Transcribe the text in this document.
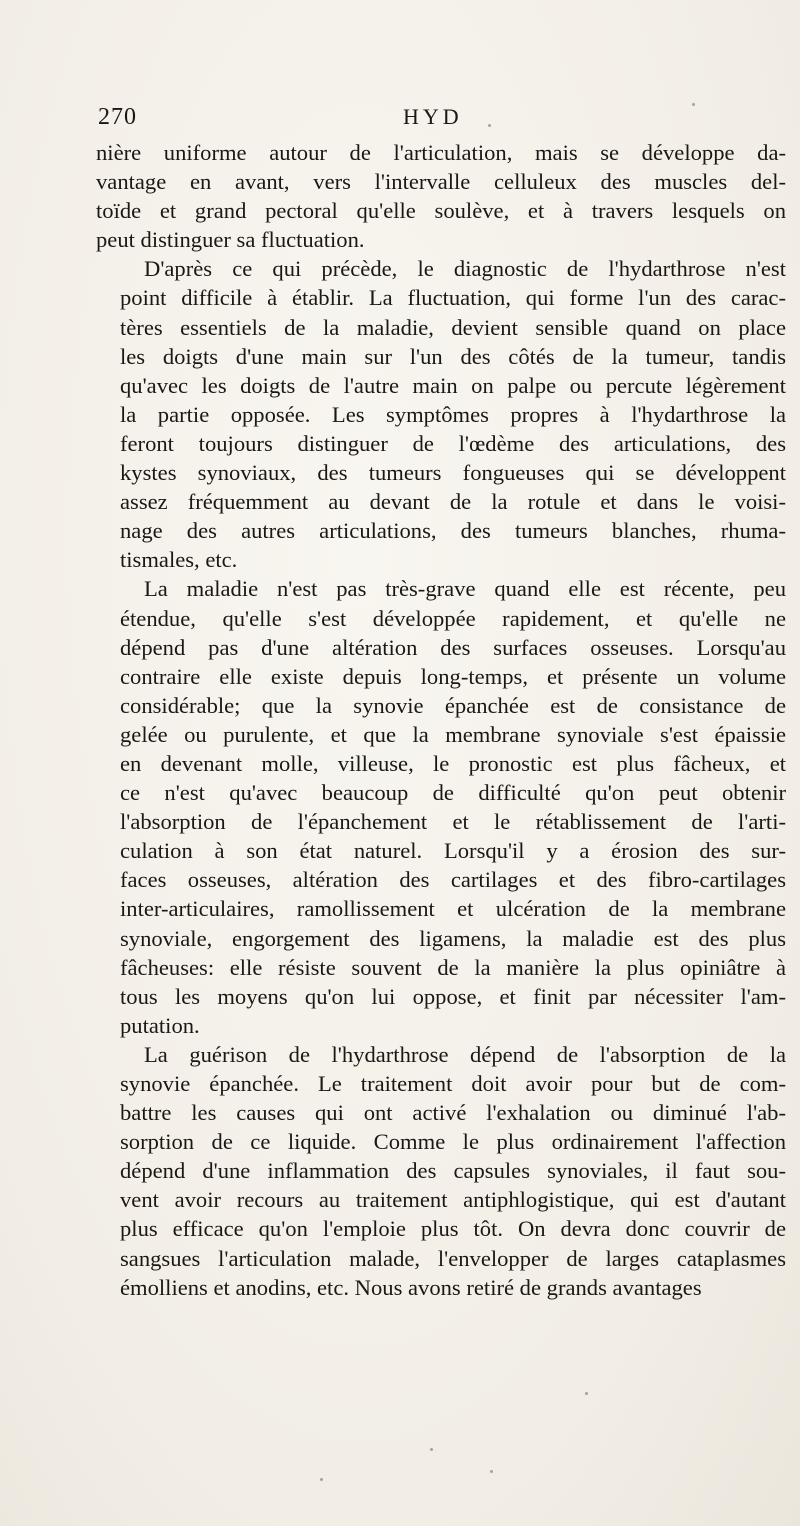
270	HYD
nière uniforme autour de l'articulation, mais se développe da-
vantage en avant, vers l'intervalle celluleux des muscles del-
toïde et grand pectoral qu'elle soulève, et à travers lesquels on
peut distinguer sa fluctuation.
D'après ce qui précède, le diagnostic de l'hydarthrose n'est
point difficile à établir. La fluctuation, qui forme l'un des carac-
tères essentiels de la maladie, devient sensible quand on place
les doigts d'une main sur l'un des côtés de la tumeur, tandis
qu'avec les doigts de l'autre main on palpe ou percute légèrement
la partie opposée. Les symptômes propres à l'hydarthrose la
feront toujours distinguer de l'œdème des articulations, des
kystes synoviaux, des tumeurs fongueuses qui se développent
assez fréquemment au devant de la rotule et dans le voisi-
nage des autres articulations, des tumeurs blanches, rhuma-
tismales, etc.
La maladie n'est pas très-grave quand elle est récente, peu
étendue, qu'elle s'est développée rapidement, et qu'elle ne
dépend pas d'une altération des surfaces osseuses. Lorsqu'au
contraire elle existe depuis long-temps, et présente un volume
considérable; que la synovie épanchée est de consistance de
gelée ou purulente, et que la membrane synoviale s'est épaissie
en devenant molle, villeuse, le pronostic est plus fâcheux, et
ce n'est qu'avec beaucoup de difficulté qu'on peut obtenir
l'absorption de l'épanchement et le rétablissement de l'arti-
culation à son état naturel. Lorsqu'il y a érosion des sur-
faces osseuses, altération des cartilages et des fibro-cartilages
inter-articulaires, ramollissement et ulcération de la membrane
synoviale, engorgement des ligamens, la maladie est des plus
fâcheuses: elle résiste souvent de la manière la plus opiniâtre à
tous les moyens qu'on lui oppose, et finit par nécessiter l'am-
putation.
La guérison de l'hydarthrose dépend de l'absorption de la
synovie épanchée. Le traitement doit avoir pour but de com-
battre les causes qui ont activé l'exhalation ou diminué l'ab-
sorption de ce liquide. Comme le plus ordinairement l'affection
dépend d'une inflammation des capsules synoviales, il faut sou-
vent avoir recours au traitement antiphlogistique, qui est d'autant
plus efficace qu'on l'emploie plus tôt. On devra donc couvrir de
sangsues l'articulation malade, l'envelopper de larges cataplasmes
émolliens et anodins, etc. Nous avons retiré de grands avantages
